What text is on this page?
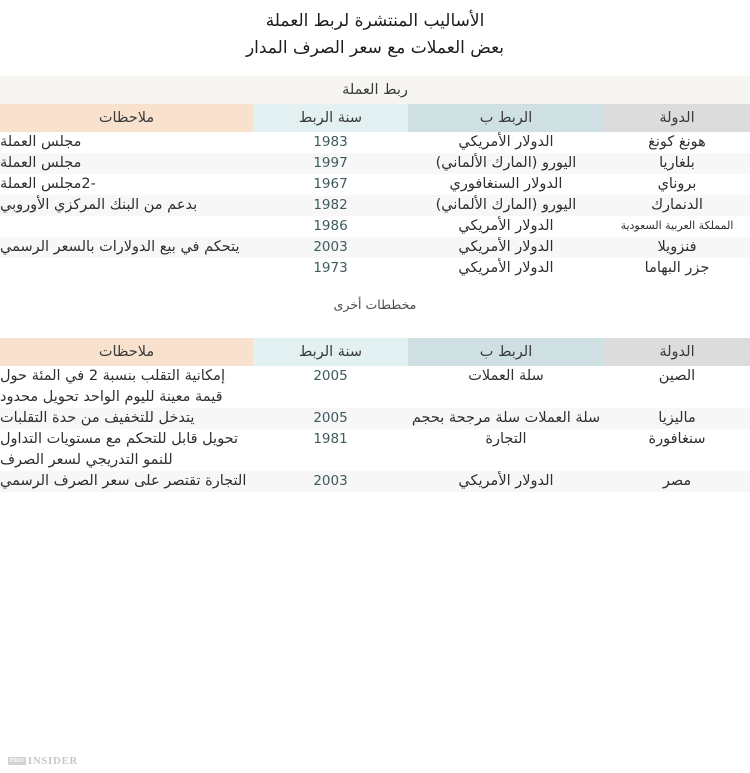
الأساليب المنتشرة لربط العملة
بعض العملات مع سعر الصرف المدار
ربط العملة			
الدولة	الربط ب	سنة الربط	ملاحظات
هونغ كونغ	الدولار الأمريكي	1983	مجلس العملة
بلغاريا	اليورو (المارك الألماني)	1997	مجلس العملة
بروناي	الدولار السنغافوري	1967	-2مجلس العملة
الدنمارك	اليورو (المارك الألماني)	1982	بدعم من البنك المركزي الأوروبي
المملكة العربية السعودية	الدولار الأمريكي	1986	
فنزويلا	الدولار الأمريكي	2003	يتحكم في بيع الدولارات بالسعر الرسمي
جزر البهاما	الدولار الأمريكي	1973	
مخططات أخرى
الدولة	الربط ب	سنة الربط	ملاحظات
الصين	سلة العملات	2005	إمكانية التقلب بنسبة 2 في المئة حول قيمة معينة لليوم الواحد تحويل محدود
ماليزيا	سلة العملات سلة مرجحة بحجم	2005	يتدخل للتخفيف من حدة التقلبات
سنغافورة	التجارة	1981	تحويل قابل للتحكم مع مستويات التداول للنمو التدريجي لسعر الصرف
مصر	الدولار الأمريكي	2003	التجارة تقتصر على سعر الصرف الرسمي
INSIDER
PRO
